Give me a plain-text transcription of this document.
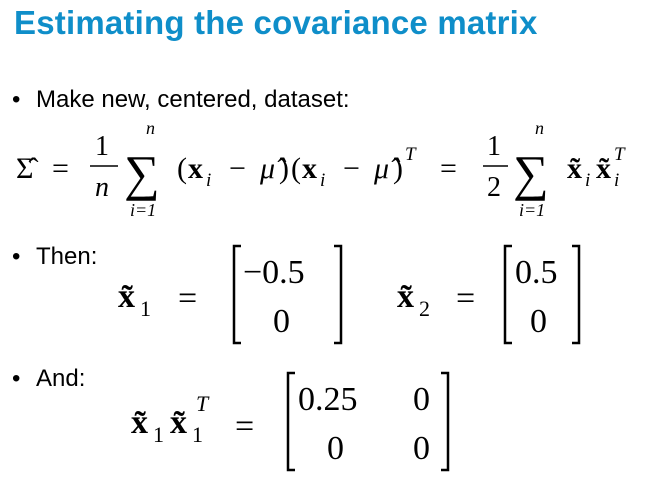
Estimating the covariance matrix
• Make new, centered, dataset:
• Then:
• And:
Σ̂ =
1
n
n
∑
i=1
( x i − μ̂ ) ( x i − μ̂ ) T =
1
2
n
∑
i=1
x̃ i x̃ i
T
x̃ 1 =
−0.5
0
x̃ 2 =
0.5
0
x̃ 1 x̃ 1
T
=
0.25 0
0 0
